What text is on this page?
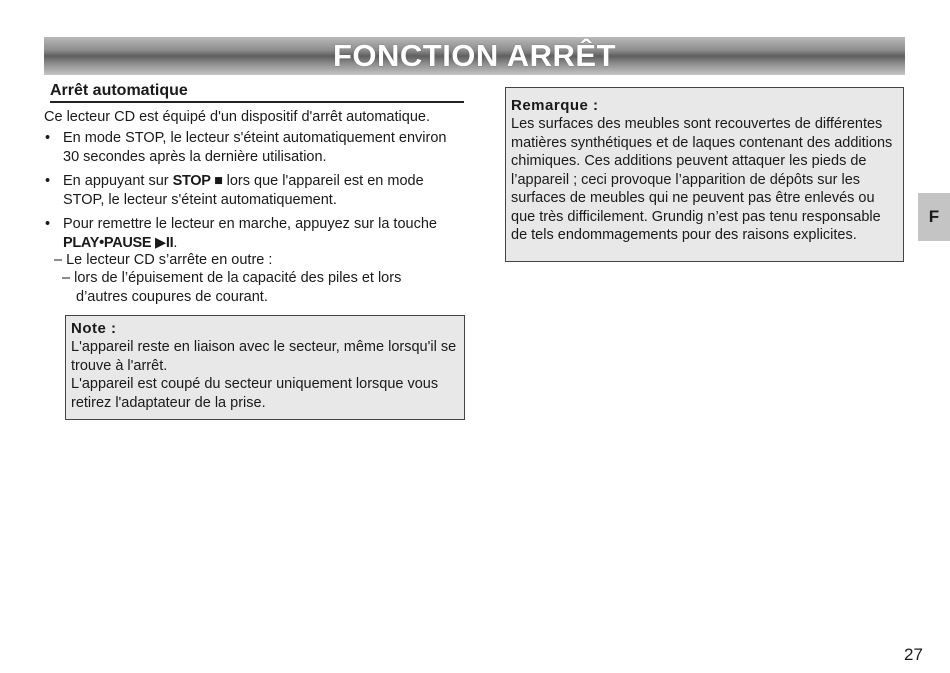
FONCTION ARRÊT
Arrêt automatique
Ce lecteur CD est équipé d'un dispositif d'arrêt automatique.
• En mode STOP, le lecteur s'éteint automatiquement environ 30 secondes après la dernière utilisation.
• En appuyant sur STOP ■ lors que l'appareil est en mode STOP, le lecteur s'éteint automatiquement.
• Pour remettre le lecteur en marche, appuyez sur la touche PLAY•PAUSE ▶II.
– Le lecteur CD s’arrête en outre :
– lors de l’épuisement de la capacité des piles et lors
d’autres coupures de courant.
Note :
L'appareil reste en liaison avec le secteur, même lorsqu'il se trouve à l'arrêt.
L'appareil est coupé du secteur uniquement lorsque vous retirez l'adaptateur de la prise.
Remarque :
Les surfaces des meubles sont recouvertes de différentes matières synthétiques et de laques contenant des additions chimiques. Ces additions peuvent attaquer les pieds de l’appareil ; ceci provoque l’apparition de dépôts sur les surfaces de meubles qui ne peuvent pas être enlevés ou que très difficilement. Grundig n’est pas tenu responsable de tels endommagements pour des raisons explicites.
F
27
